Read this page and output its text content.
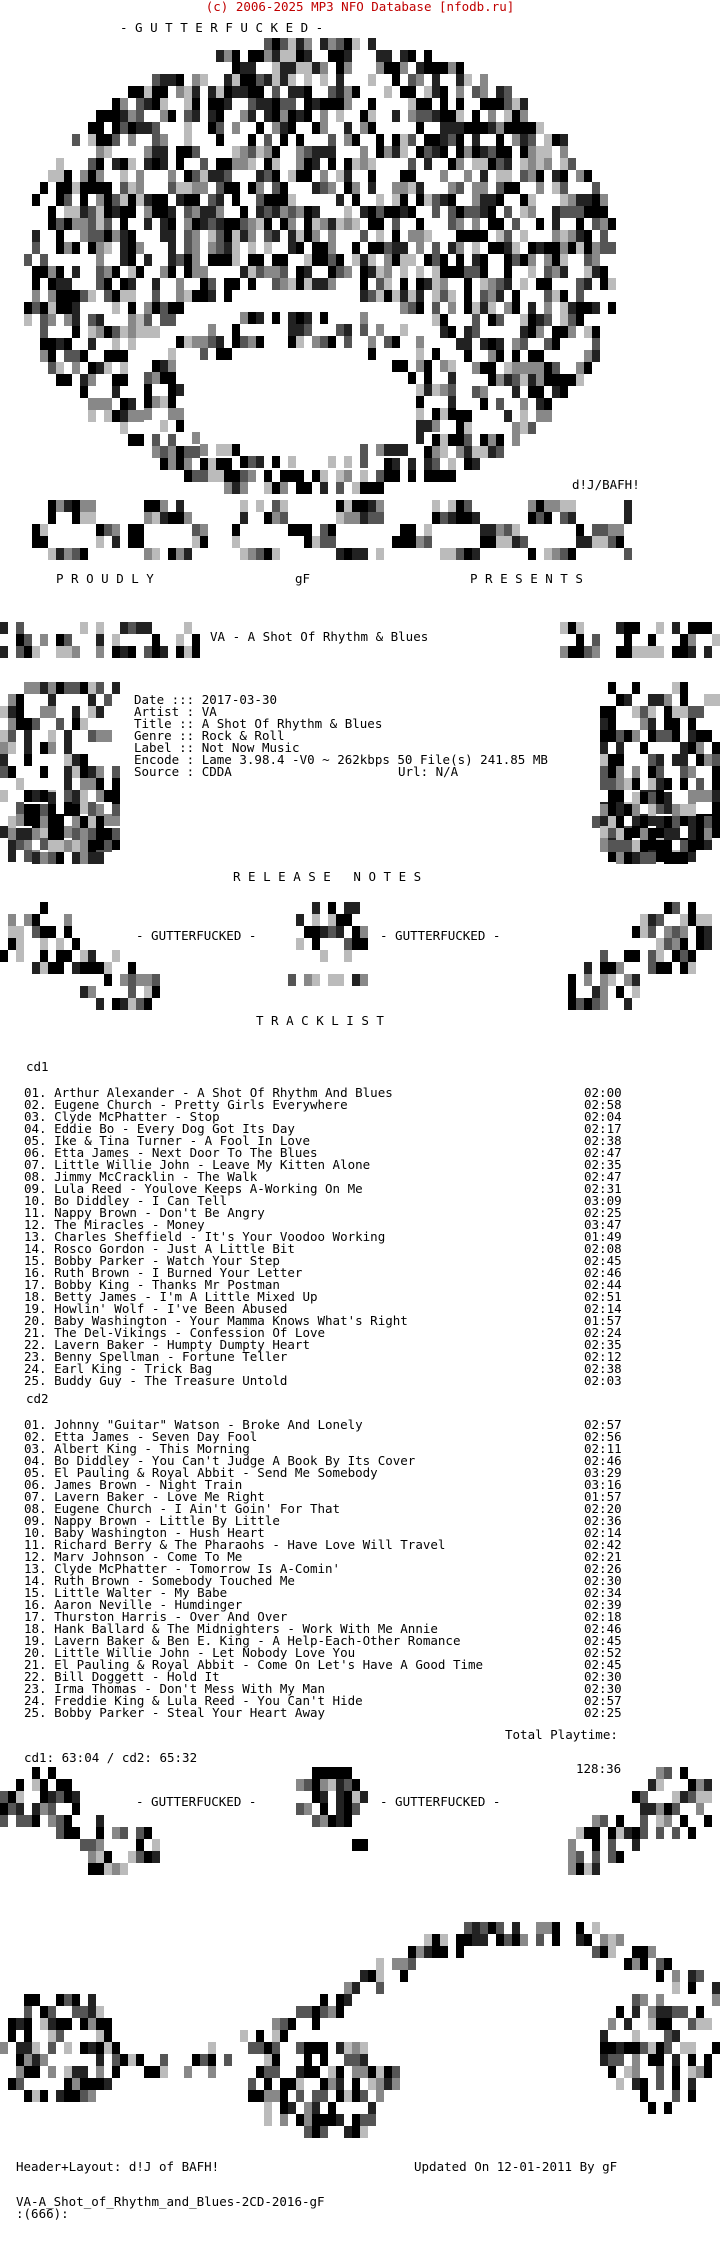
(c) 2006-2025 MP3 NFO Database [nfodb.ru]
- G U T T E R F U C K E D -
d!J/BAFH!
P R O U D L Y	gF	P R E S E N T S
VA - A Shot Of Rhythm & Blues
Date ::: 2017-03-30
Artist : VA
Title :: A Shot Of Rhythm & Blues
Genre :: Rock & Roll
Label :: Not Now Music
Encode : Lame 3.98.4 -V0 ~ 262kbps 50 File(s) 241.85 MB
Source : CDDA	Url: N/A
R E L E A S E   N O T E S
- GUTTERFUCKED -	- GUTTERFUCKED -
T R A C K L I S T
cd1
01. Arthur Alexander - A Shot Of Rhythm And Blues	02:00
02. Eugene Church - Pretty Girls Everywhere	02:58
03. Clyde McPhatter - Stop	02:04
04. Eddie Bo - Every Dog Got Its Day	02:17
05. Ike & Tina Turner - A Fool In Love	02:38
06. Etta James - Next Door To The Blues	02:47
07. Little Willie John - Leave My Kitten Alone	02:35
08. Jimmy McCracklin - The Walk	02:47
09. Lula Reed - Youlove Keeps A-Working On Me	02:31
10. Bo Diddley - I Can Tell	03:09
11. Nappy Brown - Don't Be Angry	02:25
12. The Miracles - Money	03:47
13. Charles Sheffield - It's Your Voodoo Working	01:49
14. Rosco Gordon - Just A Little Bit	02:08
15. Bobby Parker - Watch Your Step	02:45
16. Ruth Brown - I Burned Your Letter	02:46
17. Bobby King - Thanks Mr Postman	02:44
18. Betty James - I'm A Little Mixed Up	02:51
19. Howlin' Wolf - I've Been Abused	02:14
20. Baby Washington - Your Mamma Knows What's Right	01:57
21. The Del-Vikings - Confession Of Love	02:24
22. Lavern Baker - Humpty Dumpty Heart	02:35
23. Benny Spellman - Fortune Teller	02:12
24. Earl King - Trick Bag	02:38
25. Buddy Guy - The Treasure Untold	02:03
cd2
01. Johnny "Guitar" Watson - Broke And Lonely	02:57
02. Etta James - Seven Day Fool	02:56
03. Albert King - This Morning	02:11
04. Bo Diddley - You Can't Judge A Book By Its Cover	02:46
05. El Pauling & Royal Abbit - Send Me Somebody	03:29
06. James Brown - Night Train	03:16
07. Lavern Baker - Love Me Right	01:57
08. Eugene Church - I Ain't Goin' For That	02:20
09. Nappy Brown - Little By Little	02:36
10. Baby Washington - Hush Heart	02:14
11. Richard Berry & The Pharaohs - Have Love Will Travel	02:42
12. Marv Johnson - Come To Me	02:21
13. Clyde McPhatter - Tomorrow Is A-Comin'	02:26
14. Ruth Brown - Somebody Touched Me	02:30
15. Little Walter - My Babe	02:34
16. Aaron Neville - Humdinger	02:39
17. Thurston Harris - Over And Over	02:18
18. Hank Ballard & The Midnighters - Work With Me Annie	02:46
19. Lavern Baker & Ben E. King - A Help-Each-Other Romance	02:45
20. Little Willie John - Let Nobody Love You	02:52
21. El Pauling & Royal Abbit - Come On Let's Have A Good Time	02:45
22. Bill Doggett - Hold It	02:30
23. Irma Thomas - Don't Mess With My Man	02:30
24. Freddie King & Lula Reed - You Can't Hide	02:57
25. Bobby Parker - Steal Your Heart Away	02:25
Total Playtime:
cd1: 63:04 / cd2: 65:32
128:36
- GUTTERFUCKED -	- GUTTERFUCKED -
Header+Layout: d!J of BAFH!	Updated On 12-01-2011 By gF
VA-A_Shot_of_Rhythm_and_Blues-2CD-2016-gF
:(666):
